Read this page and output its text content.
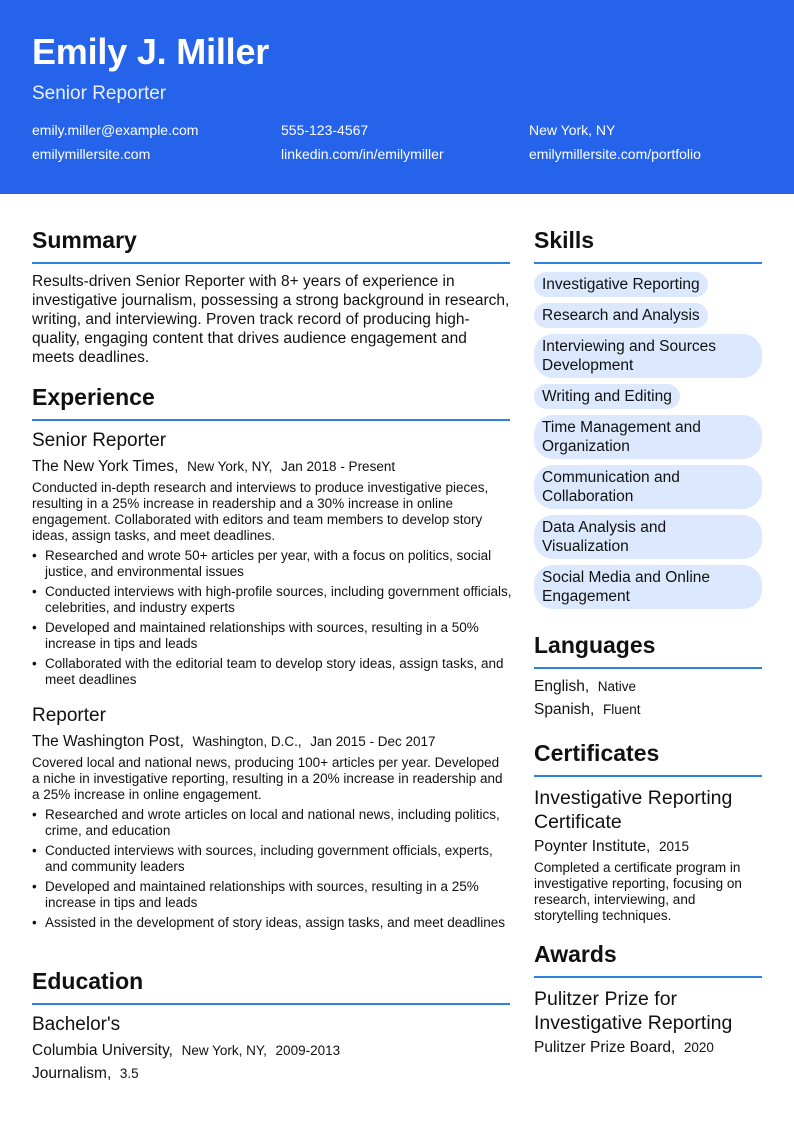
Emily J. Miller
Senior Reporter
emily.miller@example.com	555-123-4567	New York, NY
emilymillersite.com	linkedin.com/in/emilymiller	emilymillersite.com/portfolio
Summary
Results-driven Senior Reporter with 8+ years of experience in investigative journalism, possessing a strong background in research, writing, and interviewing. Proven track record of producing high-quality, engaging content that drives audience engagement and meets deadlines.
Experience
Senior Reporter
The New York Times, New York, NY, Jan 2018 - Present
Conducted in-depth research and interviews to produce investigative pieces, resulting in a 25% increase in readership and a 30% increase in online engagement. Collaborated with editors and team members to develop story ideas, assign tasks, and meet deadlines.
• Researched and wrote 50+ articles per year, with a focus on politics, social justice, and environmental issues
• Conducted interviews with high-profile sources, including government officials, celebrities, and industry experts
• Developed and maintained relationships with sources, resulting in a 50% increase in tips and leads
• Collaborated with the editorial team to develop story ideas, assign tasks, and meet deadlines
Reporter
The Washington Post, Washington, D.C., Jan 2015 - Dec 2017
Covered local and national news, producing 100+ articles per year. Developed a niche in investigative reporting, resulting in a 20% increase in readership and a 25% increase in online engagement.
• Researched and wrote articles on local and national news, including politics, crime, and education
• Conducted interviews with sources, including government officials, experts, and community leaders
• Developed and maintained relationships with sources, resulting in a 25% increase in tips and leads
• Assisted in the development of story ideas, assign tasks, and meet deadlines
Education
Bachelor's
Columbia University, New York, NY, 2009-2013
Journalism, 3.5
Skills
Investigative Reporting
Research and Analysis
Interviewing and Sources Development
Writing and Editing
Time Management and Organization
Communication and Collaboration
Data Analysis and Visualization
Social Media and Online Engagement
Languages
English, Native
Spanish, Fluent
Certificates
Investigative Reporting Certificate
Poynter Institute, 2015
Completed a certificate program in investigative reporting, focusing on research, interviewing, and storytelling techniques.
Awards
Pulitzer Prize for Investigative Reporting
Pulitzer Prize Board, 2020
